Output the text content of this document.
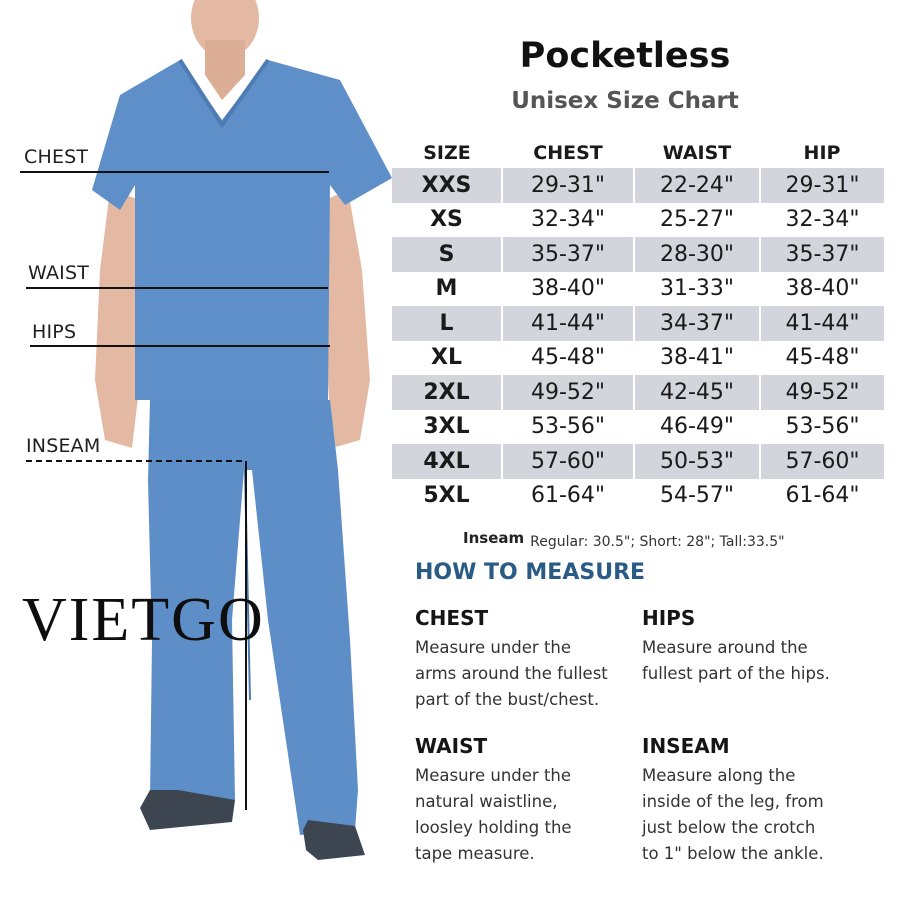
CHEST
WAIST
HIPS
INSEAM
VIETGO
Pocketless
Unisex Size Chart
SIZE	CHEST	WAIST	HIP
XXS	29-31"	22-24"	29-31"
XS	32-34"	25-27"	32-34"
S	35-37"	28-30"	35-37"
M	38-40"	31-33"	38-40"
L	41-44"	34-37"	41-44"
XL	45-48"	38-41"	45-48"
2XL	49-52"	42-45"	49-52"
3XL	53-56"	46-49"	53-56"
4XL	57-60"	50-53"	57-60"
5XL	61-64"	54-57"	61-64"
Inseam Regular: 30.5"; Short: 28"; Tall:33.5"
HOW TO MEASURE
CHEST
Measure under the
arms around the fullest
part of the bust/chest.
HIPS
Measure around the
fullest part of the hips.
WAIST
Measure under the
natural waistline,
loosley holding the
tape measure.
INSEAM
Measure along the
inside of the leg, from
just below the crotch
to 1" below the ankle.
